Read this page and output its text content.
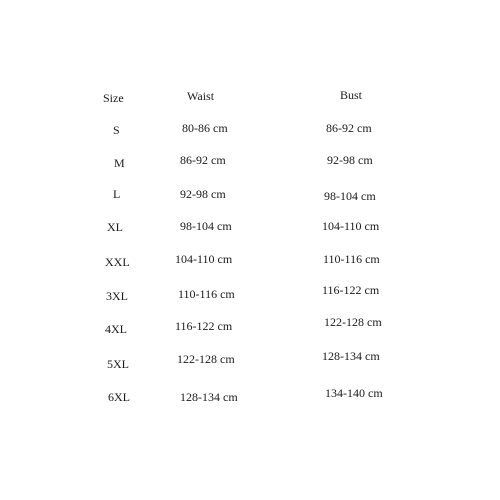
Size	Waist	Bust
S	80-86 cm	86-92 cm
M	86-92 cm	92-98 cm
L	92-98 cm	98-104 cm
XL	98-104 cm	104-110 cm
XXL	104-110 cm	110-116 cm
3XL	110-116 cm	116-122 cm
4XL	116-122 cm	122-128 cm
5XL	122-128 cm	128-134 cm
6XL	128-134 cm	134-140 cm
